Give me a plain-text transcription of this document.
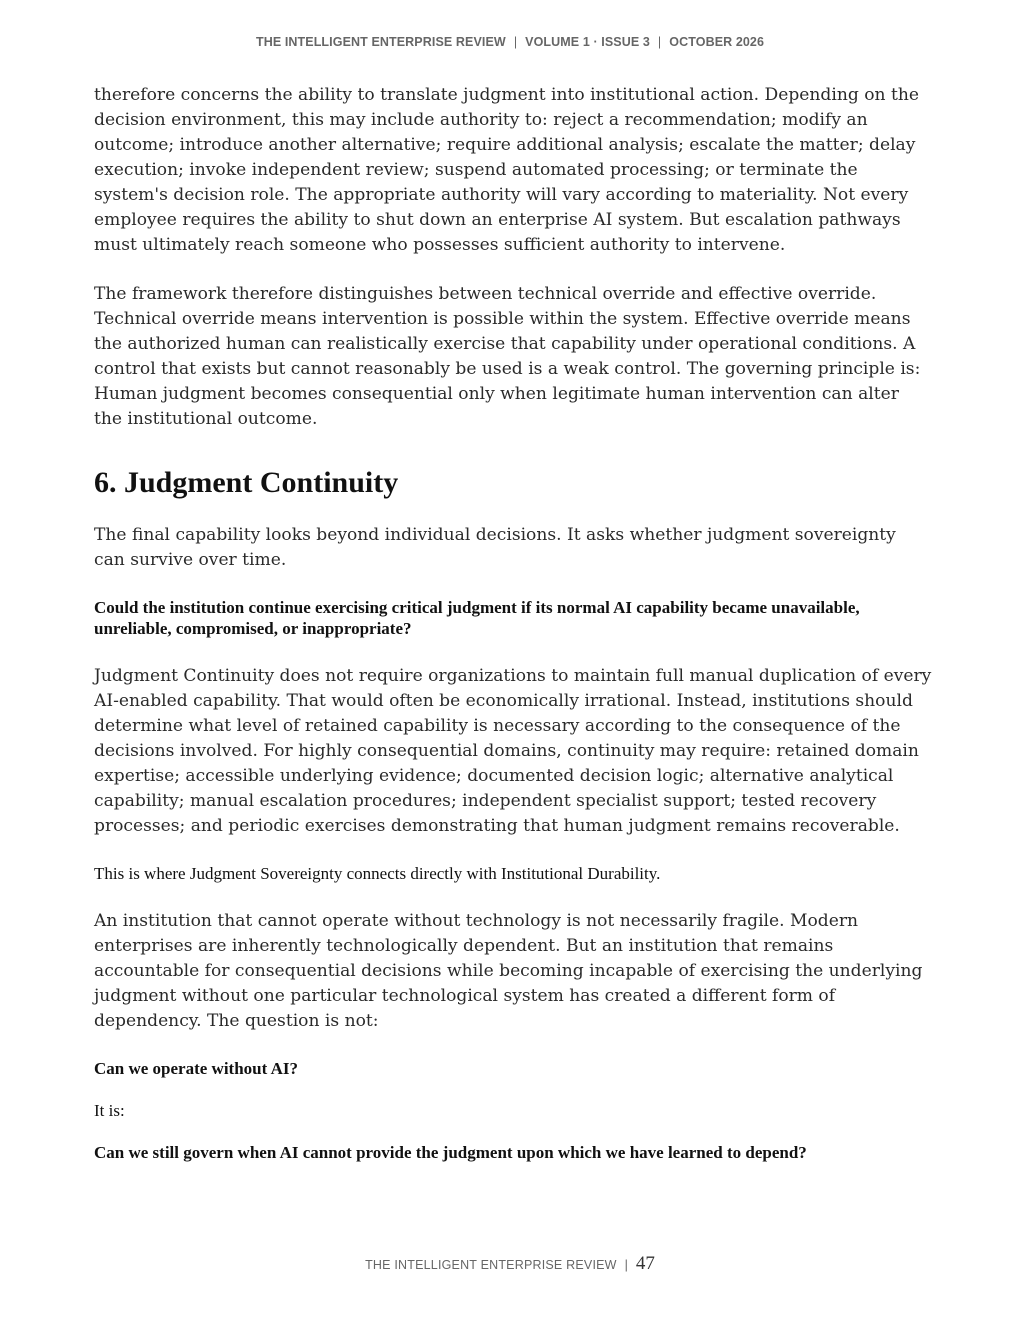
THE INTELLIGENT ENTERPRISE REVIEW | VOLUME 1 · ISSUE 3 | OCTOBER 2026

therefore concerns the ability to translate judgment into institutional action. Depending on the decision environment, this may include authority to: reject a recommendation; modify an outcome; introduce another alternative; require additional analysis; escalate the matter; delay execution; invoke independent review; suspend automated processing; or terminate the system's decision role. The appropriate authority will vary according to materiality. Not every employee requires the ability to shut down an enterprise AI system. But escalation pathways must ultimately reach someone who possesses sufficient authority to intervene.

The framework therefore distinguishes between technical override and effective override. Technical override means intervention is possible within the system. Effective override means the authorized human can realistically exercise that capability under operational conditions. A control that exists but cannot reasonably be used is a weak control. The governing principle is: Human judgment becomes consequential only when legitimate human intervention can alter the institutional outcome.

6. Judgment Continuity

The final capability looks beyond individual decisions. It asks whether judgment sovereignty can survive over time.

Could the institution continue exercising critical judgment if its normal AI capability became unavailable, unreliable, compromised, or inappropriate?

Judgment Continuity does not require organizations to maintain full manual duplication of every AI-enabled capability. That would often be economically irrational. Instead, institutions should determine what level of retained capability is necessary according to the consequence of the decisions involved. For highly consequential domains, continuity may require: retained domain expertise; accessible underlying evidence; documented decision logic; alternative analytical capability; manual escalation procedures; independent specialist support; tested recovery processes; and periodic exercises demonstrating that human judgment remains recoverable.

This is where Judgment Sovereignty connects directly with Institutional Durability.

An institution that cannot operate without technology is not necessarily fragile. Modern enterprises are inherently technologically dependent. But an institution that remains accountable for consequential decisions while becoming incapable of exercising the underlying judgment without one particular technological system has created a different form of dependency. The question is not:

Can we operate without AI?

It is:

Can we still govern when AI cannot provide the judgment upon which we have learned to depend?

THE INTELLIGENT ENTERPRISE REVIEW | 47
